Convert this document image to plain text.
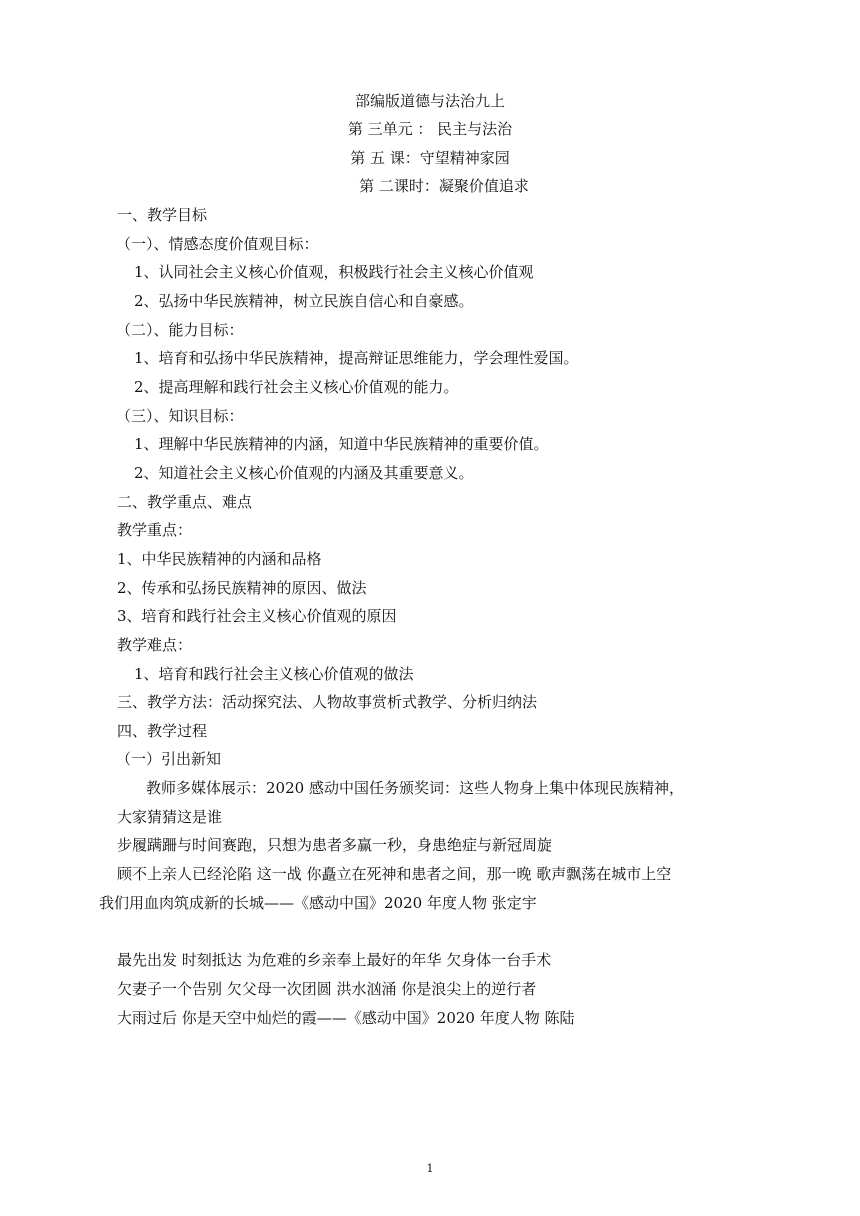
部编版道德与法治九上
第 三单元 ： 民主与法治
第 五 课：守望精神家园
第 二课时：凝聚价值追求
一、教学目标
（一）、情感态度价值观目标：
1、认同社会主义核心价值观，积极践行社会主义核心价值观
2、弘扬中华民族精神，树立民族自信心和自豪感。
（二）、能力目标：
1、培育和弘扬中华民族精神，提高辩证思维能力，学会理性爱国。
2、提高理解和践行社会主义核心价值观的能力。
（三）、知识目标：
1、理解中华民族精神的内涵，知道中华民族精神的重要价值。
2、知道社会主义核心价值观的内涵及其重要意义。
二、教学重点、难点
教学重点：
1、中华民族精神的内涵和品格
2、传承和弘扬民族精神的原因、做法
3、培育和践行社会主义核心价值观的原因
教学难点：
1、培育和践行社会主义核心价值观的做法
三、教学方法：活动探究法、人物故事赏析式教学、分析归纳法
四、教学过程
（一）引出新知
教师多媒体展示：2020 感动中国任务颁奖词：这些人物身上集中体现民族精神，
大家猜猜这是谁
步履蹒跚与时间赛跑，只想为患者多赢一秒，身患绝症与新冠周旋
顾不上亲人已经沦陷 这一战 你矗立在死神和患者之间，那一晚 歌声飘荡在城市上空
我们用血肉筑成新的长城——《感动中国》2020 年度人物 张定宇
最先出发 时刻抵达 为危难的乡亲奉上最好的年华 欠身体一台手术
欠妻子一个告别 欠父母一次团圆 洪水汹涌 你是浪尖上的逆行者
大雨过后 你是天空中灿烂的霞——《感动中国》2020 年度人物 陈陆
1
